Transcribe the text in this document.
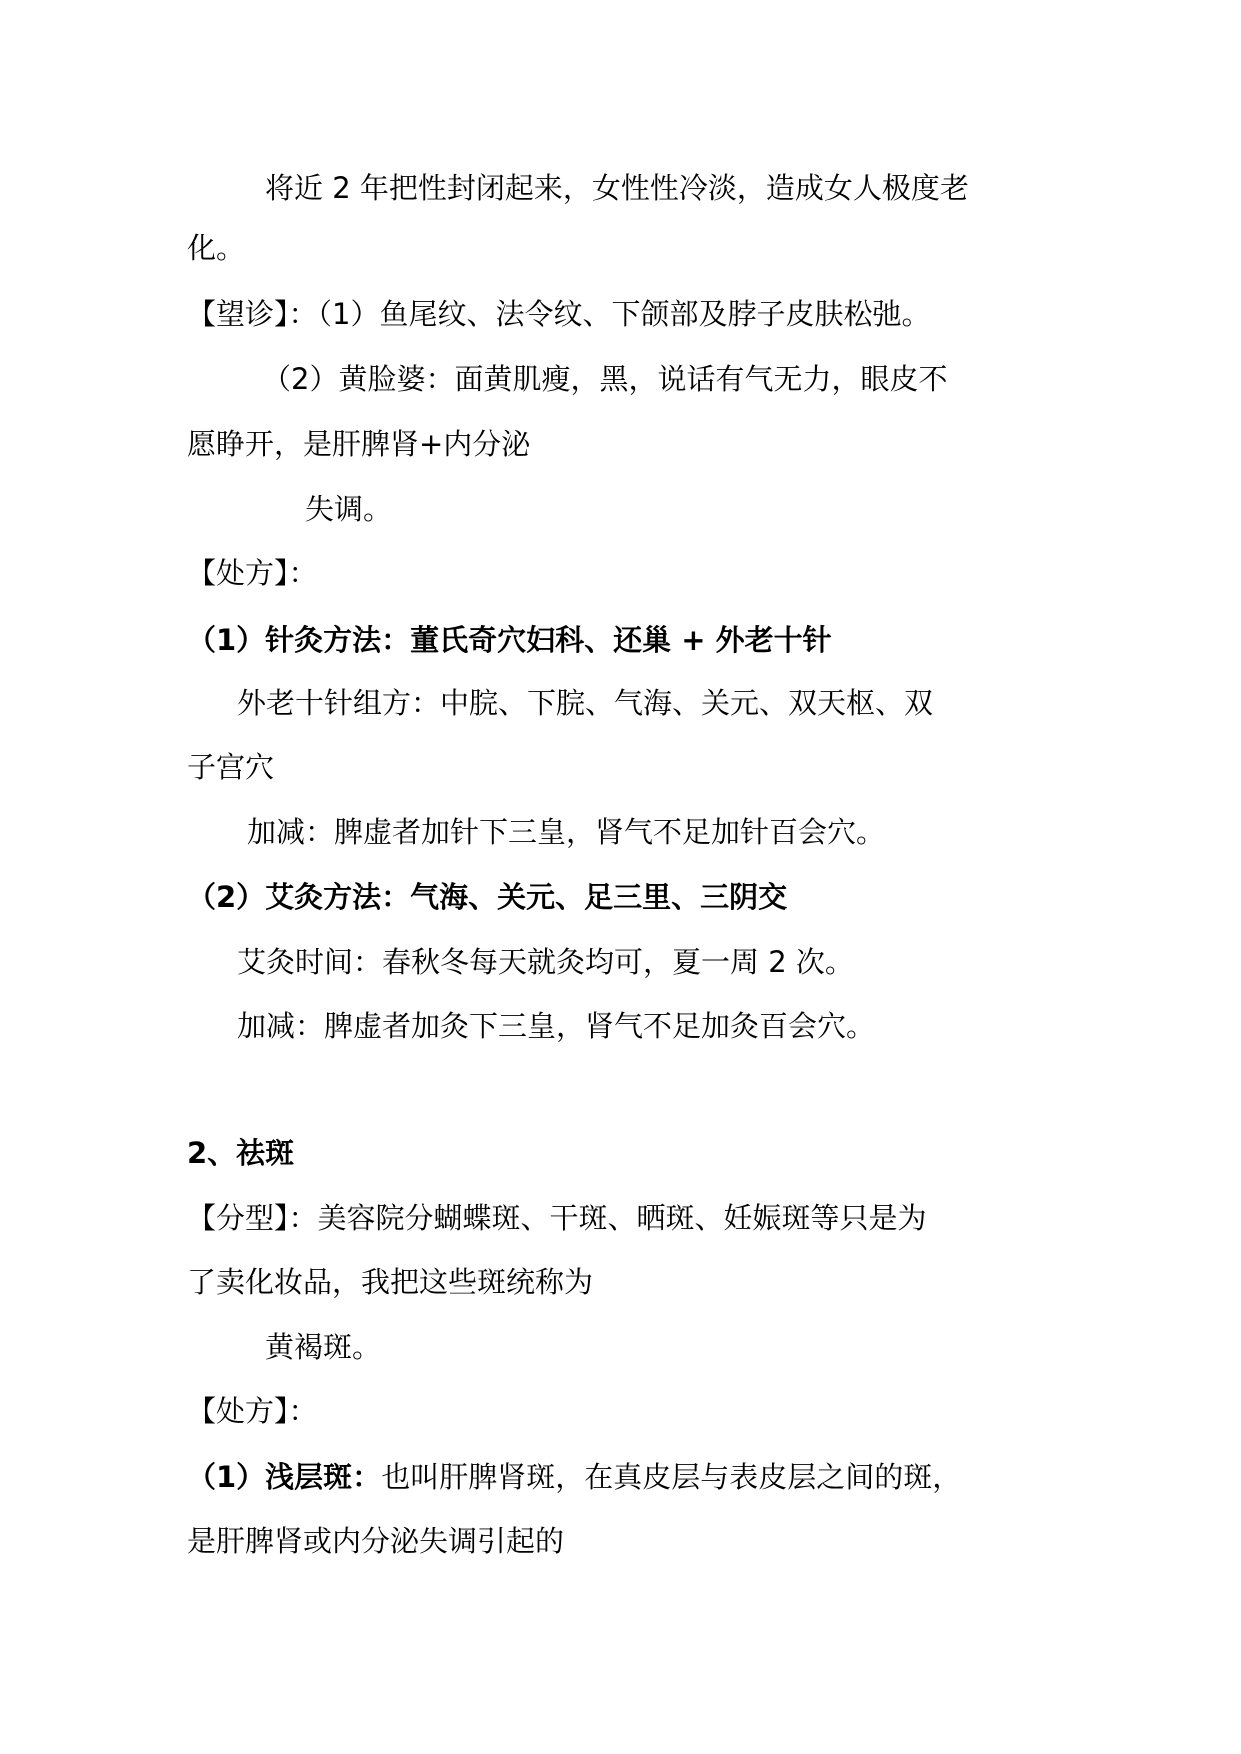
将近 2 年把性封闭起来，女性性冷淡，造成女人极度老

化。

【望诊】：（1）鱼尾纹、法令纹、下颌部及脖子皮肤松弛。

（2）黄脸婆：面黄肌瘦，黑，说话有气无力，眼皮不

愿睁开，是肝脾肾+内分泌

失调。

【处方】：

（1）针灸方法：董氏奇穴妇科、还巢 + 外老十针

外老十针组方：中脘、下脘、气海、关元、双天枢、双

子宫穴

加减：脾虚者加针下三皇，肾气不足加针百会穴。

（2）艾灸方法：气海、关元、足三里、三阴交

艾灸时间：春秋冬每天就灸均可，夏一周 2 次。

加减：脾虚者加灸下三皇，肾气不足加灸百会穴。

2、祛斑

【分型】：美容院分蝴蝶斑、干斑、晒斑、妊娠斑等只是为

了卖化妆品，我把这些斑统称为

黄褐斑。

【处方】：

（1）浅层斑：也叫肝脾肾斑，在真皮层与表皮层之间的斑，

是肝脾肾或内分泌失调引起的
